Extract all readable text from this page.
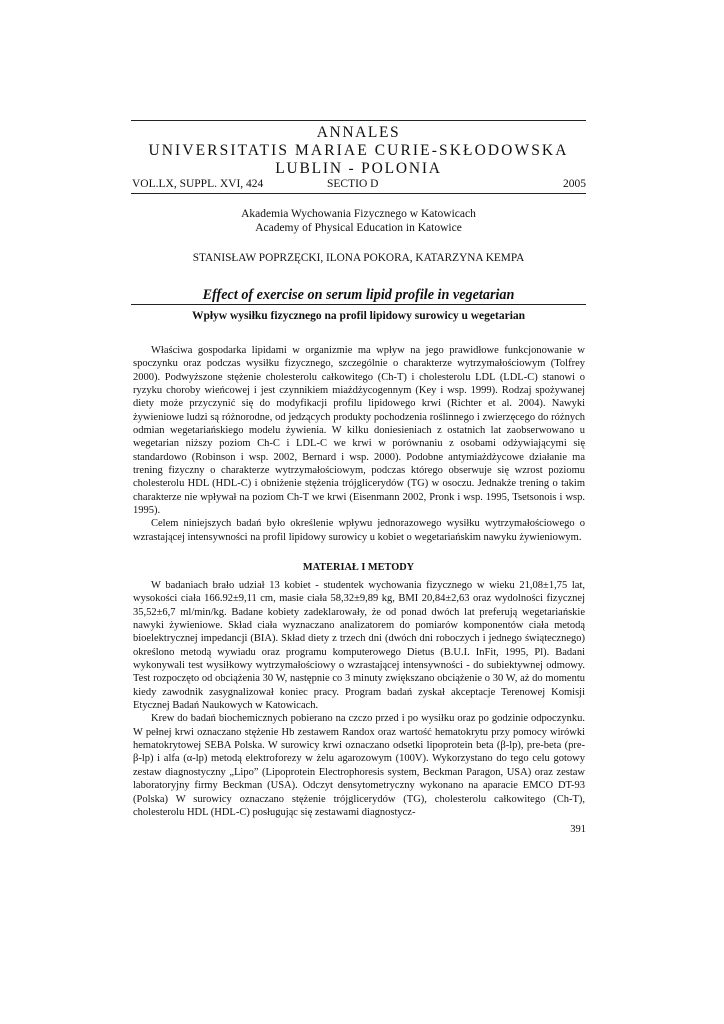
ANNALES
UNIVERSITATIS MARIAE CURIE-SKŁODOWSKA
LUBLIN - POLONIA
VOL.LX, SUPPL. XVI, 424	SECTIO D	2005
Akademia Wychowania Fizycznego w Katowicach
Academy of Physical Education in Katowice
STANISŁAW POPRZĘCKI, ILONA POKORA, KATARZYNA KEMPA
Effect of exercise on serum lipid profile in vegetarian
Wpływ wysiłku fizycznego na profil lipidowy surowicy u wegetarian

Właściwa gospodarka lipidami w organizmie ma wpływ na jego prawidłowe funkcjonowanie w spoczynku oraz podczas wysiłku fizycznego, szczególnie o charakterze wytrzymałościowym (Tolfrey 2000). Podwyższone stężenie cholesterolu całkowitego (Ch-T) i cholesterolu LDL (LDL-C) stanowi o ryzyku choroby wieńcowej i jest czynnikiem miażdżycogennym (Key i wsp. 1999). Rodzaj spożywanej diety może przyczynić się do modyfikacji profilu lipidowego krwi (Richter et al. 2004). Nawyki żywieniowe ludzi są różnorodne, od jedzących produkty pochodzenia roślinnego i zwierzęcego do różnych odmian wegetariańskiego modelu żywienia. W kilku doniesieniach z ostatnich lat zaobserwowano u wegetarian niższy poziom Ch-C i LDL-C we krwi w porównaniu z osobami odżywiającymi się standardowo (Robinson i wsp. 2002, Bernard i wsp. 2000). Podobne antymiażdżycowe działanie ma trening fizyczny o charakterze wytrzymałościowym, podczas którego obserwuje się wzrost poziomu cholesterolu HDL (HDL-C) i obniżenie stężenia trójglicerydów (TG) w osoczu. Jednakże trening o takim charakterze nie wpływał na poziom Ch-T we krwi (Eisenmann 2002, Pronk i wsp. 1995, Tsetsonois i wsp. 1995).

Celem niniejszych badań było określenie wpływu jednorazowego wysiłku wytrzymałościowego o wzrastającej intensywności na profil lipidowy surowicy u kobiet o wegetariańskim nawyku żywieniowym.

MATERIAŁ I METODY

W badaniach brało udział 13 kobiet - studentek wychowania fizycznego w wieku 21,08±1,75 lat, wysokości ciała 166.92±9,11 cm, masie ciała 58,32±9,89 kg, BMI 20,84±2,63 oraz wydolności fizycznej 35,52±6,7 ml/min/kg. Badane kobiety zadeklarowały, że od ponad dwóch lat preferują wegetariańskie nawyki żywieniowe. Skład ciała wyznaczano analizatorem do pomiarów komponentów ciała metodą bioelektrycznej impedancji (BIA). Skład diety z trzech dni (dwóch dni roboczych i jednego świątecznego) określono metodą wywiadu oraz programu komputerowego Dietus (B.U.I. InFit, 1995, Pl). Badani wykonywali test wysiłkowy wytrzymałościowy o wzrastającej intensywności - do subiektywnej odmowy. Test rozpoczęto od obciążenia 30 W, następnie co 3 minuty zwiększano obciążenie o 30 W, aż do momentu kiedy zawodnik zasygnalizował koniec pracy. Program badań zyskał akceptacje Terenowej Komisji Etycznej Badań Naukowych w Katowicach.

Krew do badań biochemicznych pobierano na czczo przed i po wysiłku oraz po godzinie odpoczynku. W pełnej krwi oznaczano stężenie Hb zestawem Randox oraz wartość hematokrytu przy pomocy wirówki hematokrytowej SEBA Polska. W surowicy krwi oznaczano odsetki lipoprotein beta (β-lp), pre-beta (pre-β-lp) i alfa (α-lp) metodą elektroforezy w żelu agarozowym (100V). Wykorzystano do tego celu gotowy zestaw diagnostyczny „Lipo” (Lipoprotein Electrophoresis system, Beckman Paragon, USA) oraz zestaw laboratoryjny firmy Beckman (USA). Odczyt densytometryczny wykonano na aparacie EMCO DT-93 (Polska) W surowicy oznaczano stężenie trójglicerydów (TG), cholesterolu całkowitego (Ch-T), cholesterolu HDL (HDL-C) posługując się zestawami diagnostycz-

391
